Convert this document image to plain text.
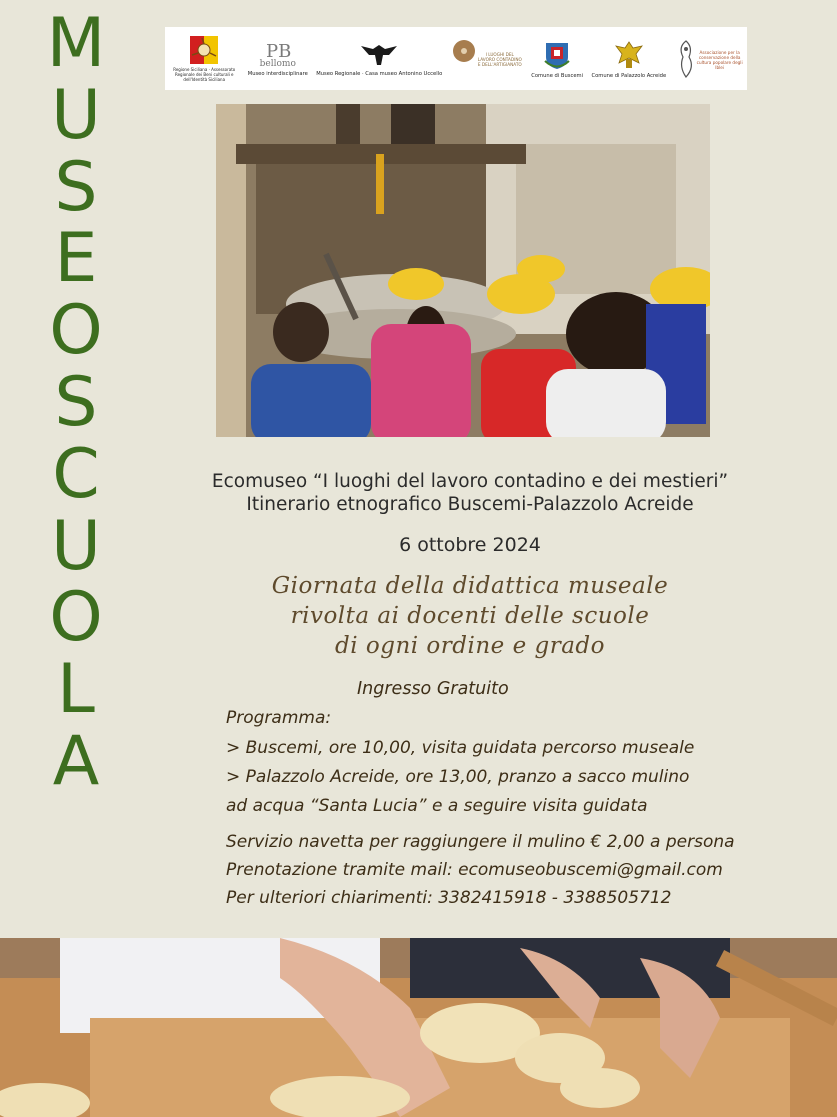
M
U
S
E
O
S
C
U
O
L
A
Regione Siciliana · Assessorato Regionale dei Beni culturali e dell'Identità Siciliana
PB
bellomo
Museo interdisciplinare Museo Regionale · Casa museo Antonino Uccello
I LUOGHI DEL LAVORO CONTADINO E DELL'ARTIGIANATO
Comune di Buscemi Comune di Palazzolo Acreide
Associazione per la conservazione della cultura popolare degli Iblei
Ecomuseo “I luoghi del lavoro contadino e dei mestieri”
Itinerario etnografico Buscemi-Palazzolo Acreide
6 ottobre 2024
Giornata della didattica museale
rivolta ai docenti delle scuole
di ogni ordine e grado
Ingresso Gratuito
Programma:
> Buscemi, ore 10,00, visita guidata percorso museale
> Palazzolo Acreide, ore 13,00, pranzo a sacco mulino
ad acqua “Santa Lucia” e a seguire visita guidata
Servizio navetta per raggiungere il mulino € 2,00 a persona
Prenotazione tramite mail: ecomuseobuscemi@gmail.com
Per ulteriori chiarimenti: 3382415918 - 3388505712
